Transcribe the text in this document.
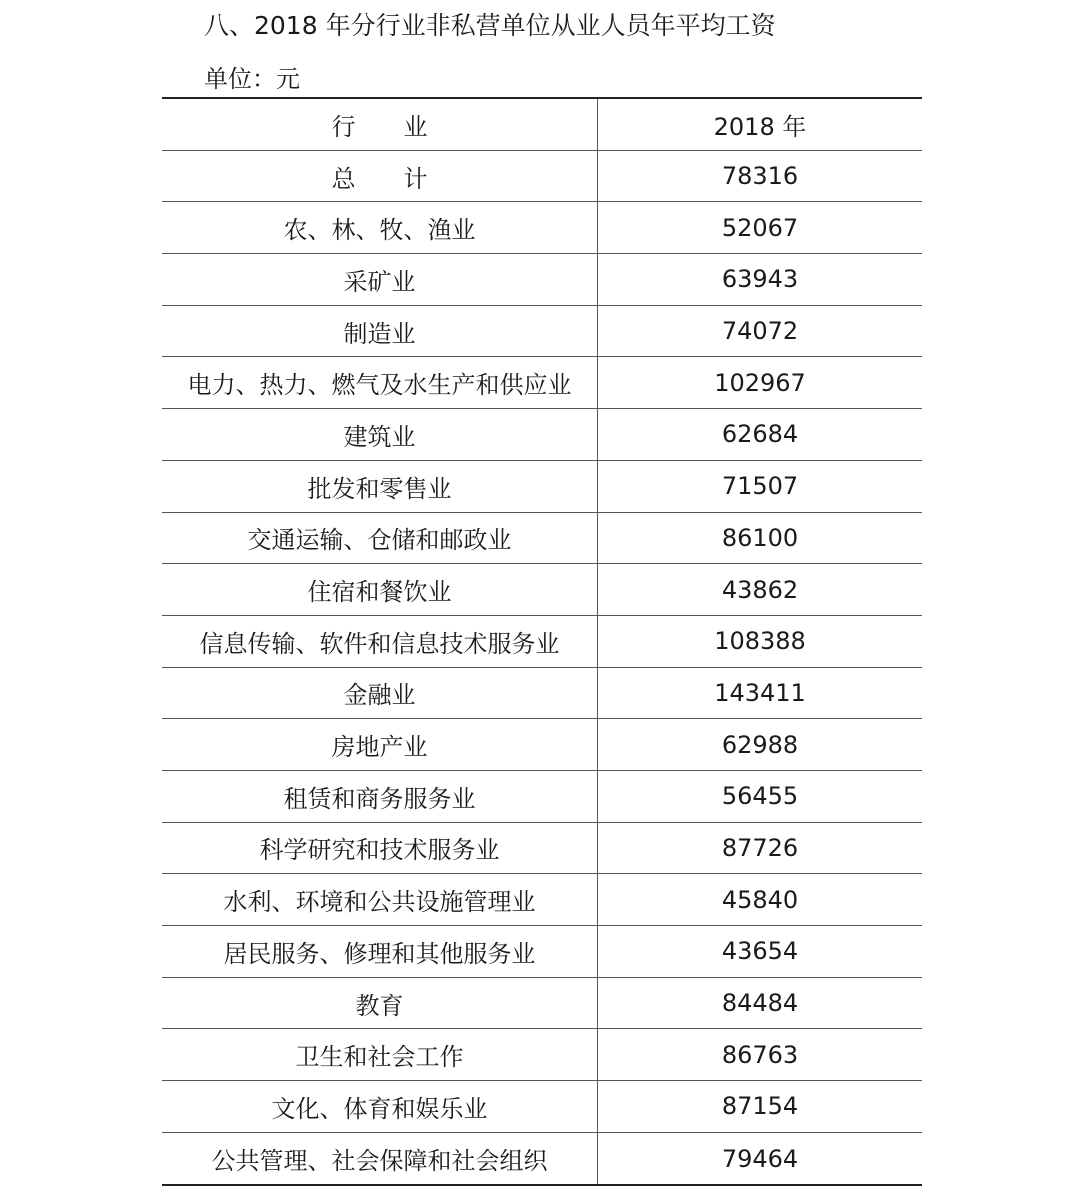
八、2018 年分行业非私营单位从业人员年平均工资
单位：元
行　　业	2018 年
总　　计	78316
农、林、牧、渔业	52067
采矿业	63943
制造业	74072
电力、热力、燃气及水生产和供应业	102967
建筑业	62684
批发和零售业	71507
交通运输、仓储和邮政业	86100
住宿和餐饮业	43862
信息传输、软件和信息技术服务业	108388
金融业	143411
房地产业	62988
租赁和商务服务业	56455
科学研究和技术服务业	87726
水利、环境和公共设施管理业	45840
居民服务、修理和其他服务业	43654
教育	84484
卫生和社会工作	86763
文化、体育和娱乐业	87154
公共管理、社会保障和社会组织	79464
